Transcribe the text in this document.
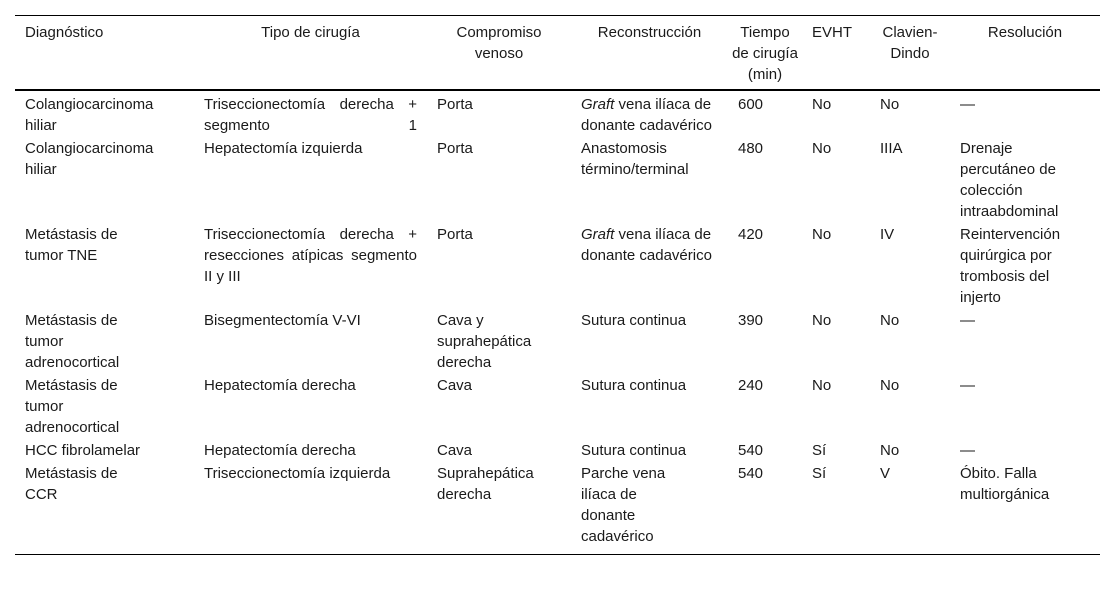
Diagnóstico	Tipo de cirugía	Compromiso venoso	Reconstrucción	Tiempo de cirugía (min)	EVHT	Clavien-Dindo	Resolución
Colangiocarcinoma hiliar	Triseccionectomía derecha + segmento 1	Porta	Graft vena ilíaca de donante cadavérico	600	No	No	—
Colangiocarcinoma hiliar	Hepatectomía izquierda	Porta	Anastomosis término/terminal	480	No	IIIA	Drenaje percutáneo de colección intraabdominal
Metástasis de tumor TNE	Triseccionectomía derecha + resecciones atípicas segmento II y III	Porta	Graft vena ilíaca de donante cadavérico	420	No	IV	Reintervención quirúrgica por trombosis del injerto
Metástasis de tumor adrenocortical	Bisegmentectomía V-VI	Cava y suprahepática derecha	Sutura continua	390	No	No	—
Metástasis de tumor adrenocortical	Hepatectomía derecha	Cava	Sutura continua	240	No	No	—
HCC fibrolamelar	Hepatectomía derecha	Cava	Sutura continua	540	Sí	No	—
Metástasis de CCR	Triseccionectomía izquierda	Suprahepática derecha	Parche vena ilíaca de donante cadavérico	540	Sí	V	Óbito. Falla multiorgánica
